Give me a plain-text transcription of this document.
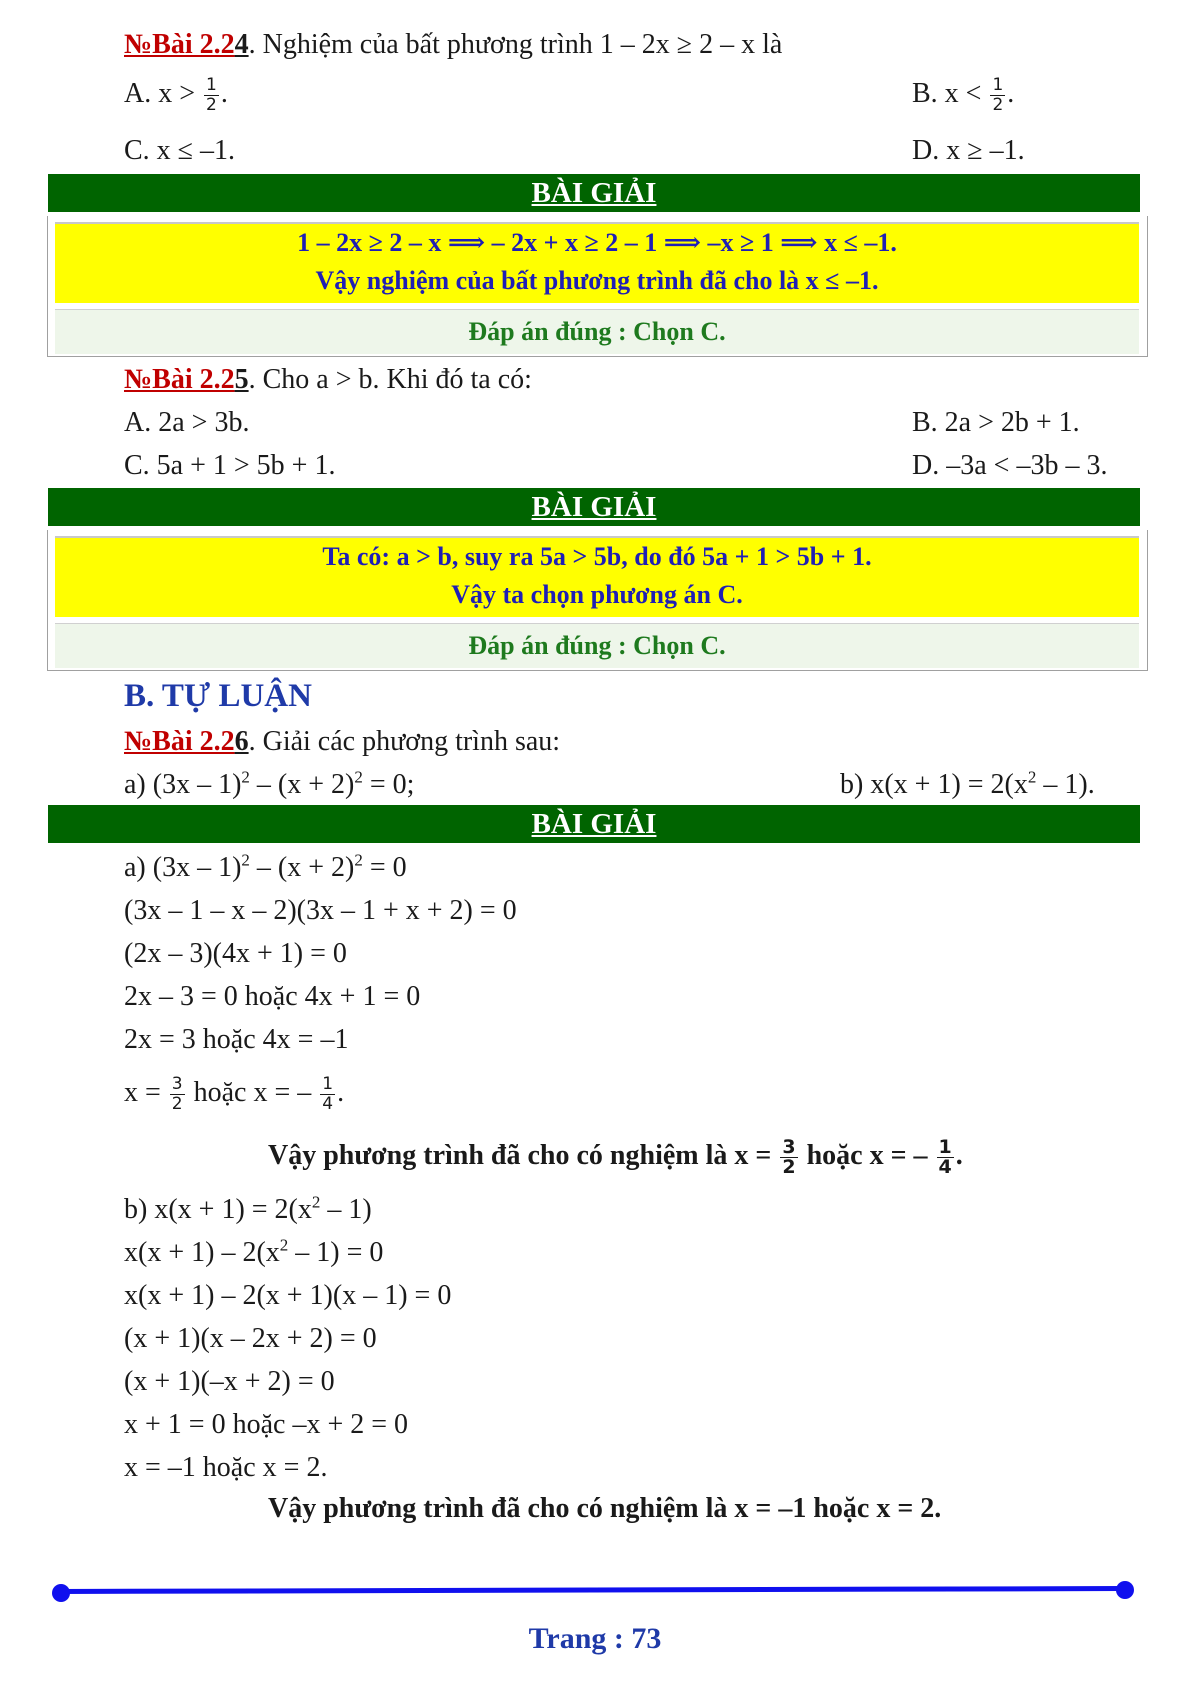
№Bài 2.24. Nghiệm của bất phương trình 1 – 2x ≥ 2 – x là
A. $x > \frac{1}{2}$ .	B. $x < \frac{1}{2}$ .
C. x ≤ –1.	D. x ≥ –1.
BÀI GIẢI
1 – 2x ≥ 2 – x ⟹ – 2x + x ≥ 2 – 1 ⟹ –x ≥ 1 ⟹ x ≤ –1.
Vậy nghiệm của bất phương trình đã cho là x ≤ –1.
Đáp án đúng : Chọn C.
№Bài 2.25. Cho a > b. Khi đó ta có:
A. 2a > 3b.	B. 2a > 2b + 1.
C. 5a + 1 > 5b + 1.	D. –3a < –3b – 3.
BÀI GIẢI
Ta có: a > b, suy ra 5a > 5b, do đó 5a + 1 > 5b + 1.
Vậy ta chọn phương án C.
Đáp án đúng : Chọn C.
B. TỰ LUẬN
№Bài 2.26. Giải các phương trình sau:
a) $(3x - 1)^2 - (x + 2)^2 = 0$;	b) $x(x + 1) = 2(x^2 - 1)$.
BÀI GIẢI
a) $(3x - 1)^2 - (x + 2)^2 = 0$
(3x – 1 – x – 2)(3x – 1 + x + 2) = 0
(2x – 3)(4x + 1) = 0
2x – 3 = 0 hoặc 4x + 1 = 0
2x = 3 hoặc 4x = –1
$x = \frac{3}{2}$ hoặc x = – $\frac{1}{4}$ .
Vậy phương trình đã cho có nghiệm là $x = \frac{3}{2}$ hoặc x = – $\frac{1}{4}$ .
b) $x(x + 1) = 2(x^2 - 1)$
$x(x + 1) - 2(x^2 - 1) = 0$
x(x + 1) – 2(x + 1)(x – 1) = 0
(x + 1)(x – 2x + 2) = 0
(x + 1)(–x + 2) = 0
x + 1 = 0 hoặc –x + 2 = 0
x = –1 hoặc x = 2.
Vậy phương trình đã cho có nghiệm là x = –1 hoặc x = 2.
Trang : 73
